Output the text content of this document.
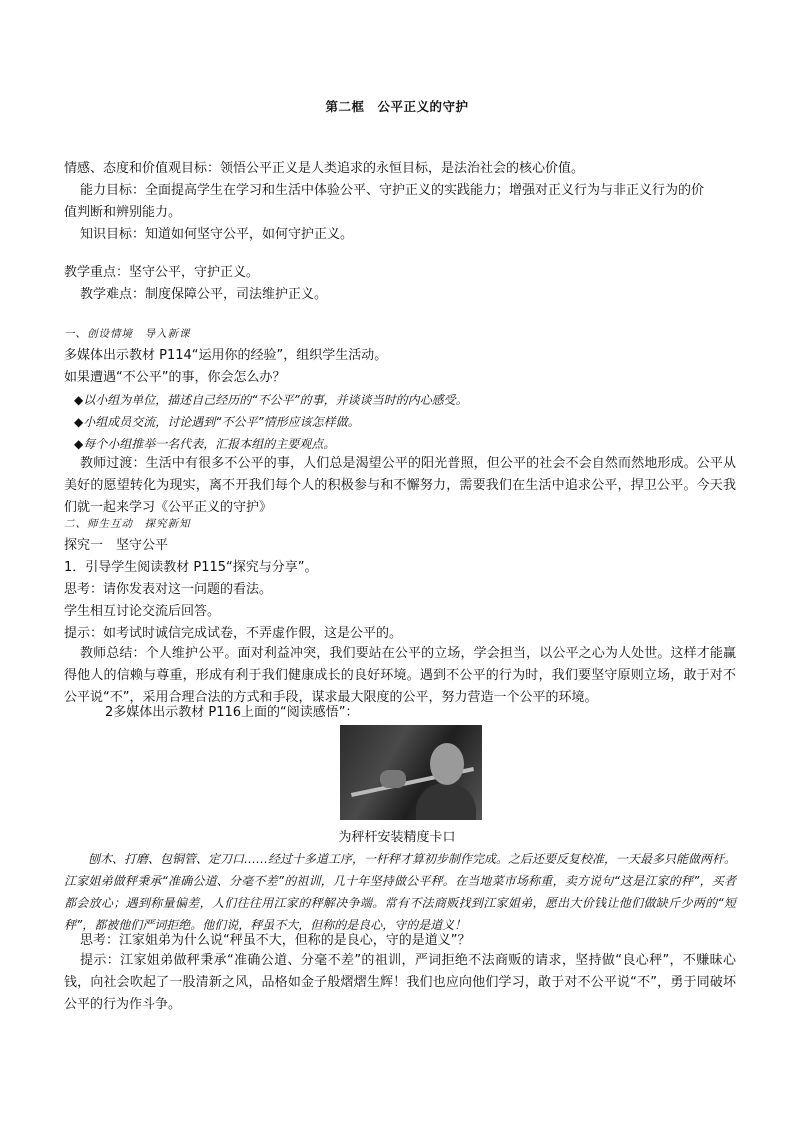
第二框　公平正义的守护
情感、态度和价值观目标：领悟公平正义是人类追求的永恒目标，是法治社会的核心价值。
能力目标：全面提高学生在学习和生活中体验公平、守护正义的实践能力；增强对正义行为与非正义行为的价
值判断和辨别能力。
知识目标：知道如何坚守公平，如何守护正义。
教学重点：坚守公平，守护正义。
教学难点：制度保障公平，司法维护正义。
一、创设情境　导入新课
多媒体出示教材 P114“运用你的经验”，组织学生活动。
如果遭遇“不公平”的事，你会怎么办？
◆以小组为单位，描述自己经历的“不公平”的事，并谈谈当时的内心感受。
◆小组成员交流，讨论遇到“不公平”情形应该怎样做。
◆每个小组推举一名代表，汇报本组的主要观点。
教师过渡：生活中有很多不公平的事，人们总是渴望公平的阳光普照，但公平的社会不会自然而然地形成。公平从美好的愿望转化为现实，离不开我们每个人的积极参与和不懈努力，需要我们在生活中追求公平，捍卫公平。今天我们就一起来学习《公平正义的守护》
二、师生互动　探究新知
探究一　坚守公平
1．引导学生阅读教材 P115“探究与分享”。
思考：请你发表对这一问题的看法。
学生相互讨论交流后回答。
提示：如考试时诚信完成试卷，不弄虚作假，这是公平的。
教师总结：个人维护公平。面对利益冲突，我们要站在公平的立场，学会担当，以公平之心为人处世。这样才能赢得他人的信赖与尊重，形成有利于我们健康成长的良好环境。遇到不公平的行为时，我们要坚守原则立场，敢于对不公平说“不”，采用合理合法的方式和手段，谋求最大限度的公平，努力营造一个公平的环境。
2多媒体出示教材 P116上面的“阅读感悟”：
为秤杆安装精度卡口
刨木、打磨、包铜管、定刀口……经过十多道工序，一杆秤才算初步制作完成。之后还要反复校准，一天最多只能做两杆。江家姐弟做秤秉承“准确公道、分毫不差”的祖训，几十年坚持做公平秤。在当地菜市场称重，卖方说句“这是江家的秤”，买者都会放心；遇到称量偏差，人们往往用江家的秤解决争端。常有不法商贩找到江家姐弟，愿出大价钱让他们做缺斤少两的“短秤”，都被他们严词拒绝。他们说，秤虽不大，但称的是良心，守的是道义！
思考：江家姐弟为什么说“秤虽不大，但称的是良心，守的是道义”？
提示：江家姐弟做秤秉承“准确公道、分毫不差”的祖训，严词拒绝不法商贩的请求，坚持做“良心秤”，不赚昧心钱，向社会吹起了一股清新之风，品格如金子般熠熠生辉！我们也应向他们学习，敢于对不公平说“不”，勇于同破坏公平的行为作斗争。
